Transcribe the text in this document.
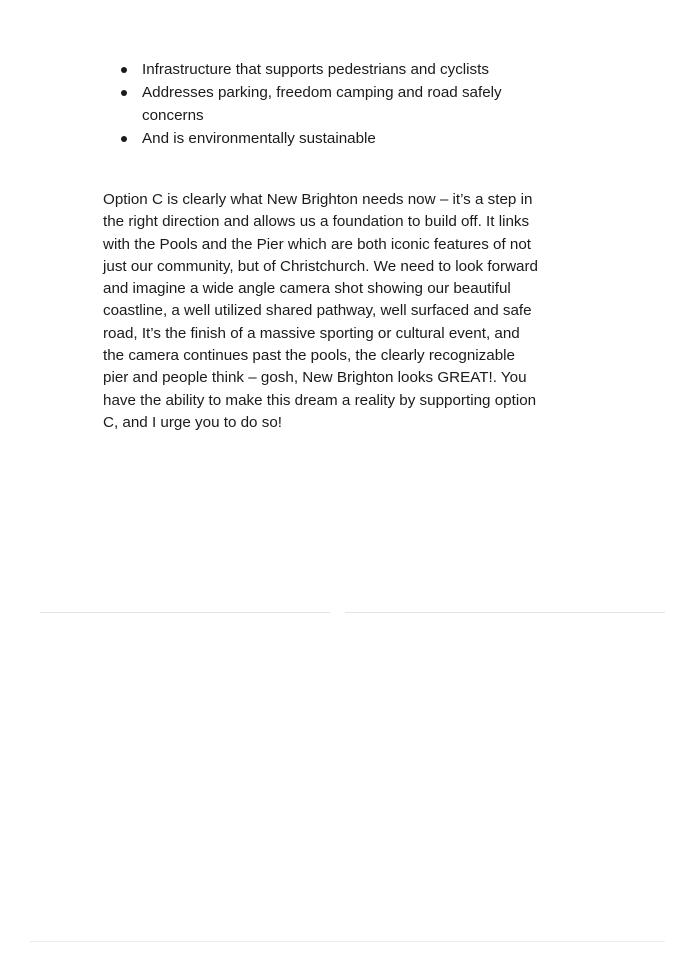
Infrastructure that supports pedestrians and cyclists
Addresses parking, freedom camping and road safely
concerns
And is environmentally sustainable

Option C is clearly what New Brighton needs now – it’s a step in
the right direction and allows us a foundation to build off. It links
with the Pools and the Pier which are both iconic features of not
just our community, but of Christchurch. We need to look forward
and imagine a wide angle camera shot showing our beautiful
coastline, a well utilized shared pathway, well surfaced and safe
road, It’s the finish of a massive sporting or cultural event, and
the camera continues past the pools, the clearly recognizable
pier and people think – gosh, New Brighton looks GREAT!. You
have the ability to make this dream a reality by supporting option
C, and I urge you to do so!
